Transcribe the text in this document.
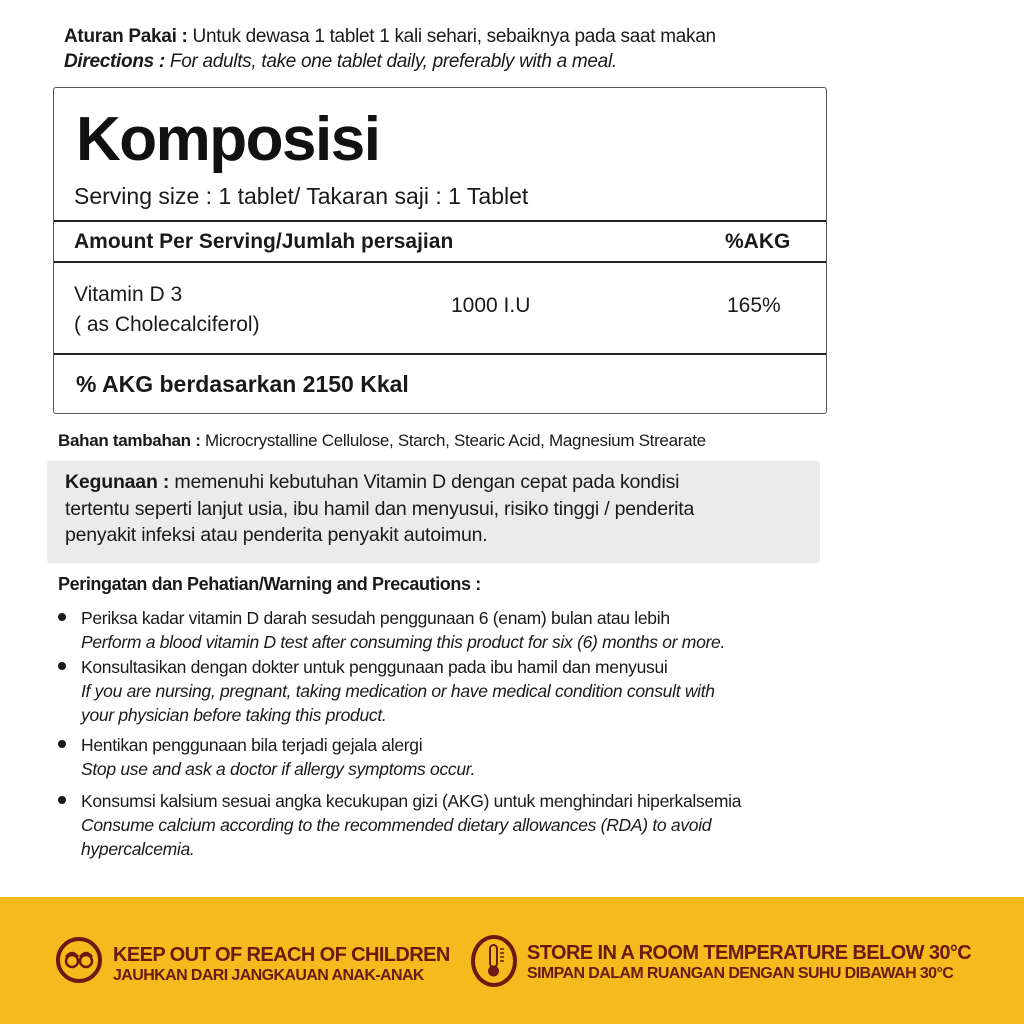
Aturan Pakai : Untuk dewasa 1 tablet 1 kali sehari, sebaiknya pada saat makan
Directions : For adults, take one tablet daily, preferably with a meal.
Komposisi
Serving size : 1 tablet/ Takaran saji : 1 Tablet
Amount Per Serving/Jumlah persajian	%AKG
Vitamin D 3
( as Cholecalciferol)
1000 I.U	165%
% AKG berdasarkan 2150 Kkal
Bahan tambahan : Microcrystalline Cellulose, Starch, Stearic Acid, Magnesium Strearate

Kegunaan : memenuhi kebutuhan Vitamin D dengan cepat pada kondisi

tertentu seperti lanjut usia, ibu hamil dan menyusui, risiko tinggi / penderita

penyakit infeksi atau penderita penyakit autoimun.

Peringatan dan Pehatian/Warning and Precautions :
Periksa kadar vitamin D darah sesudah penggunaan 6 (enam) bulan atau lebih
Perform a blood vitamin D test after consuming this product for six (6) months or more.
Konsultasikan dengan dokter untuk penggunaan pada ibu hamil dan menyusui
If you are nursing, pregnant, taking medication or have medical condition consult with
your physician before taking this product.
Hentikan penggunaan bila terjadi gejala alergi
Stop use and ask a doctor if allergy symptoms occur.
Konsumsi kalsium sesuai angka kecukupan gizi (AKG) untuk menghindari hiperkalsemia
Consume calcium according to the recommended dietary allowances (RDA) to avoid
hypercalcemia.
KEEP OUT OF REACH OF CHILDREN
JAUHKAN DARI JANGKAUAN ANAK-ANAK
STORE IN A ROOM TEMPERATURE BELOW 30°C
SIMPAN DALAM RUANGAN DENGAN SUHU DIBAWAH 30°C
